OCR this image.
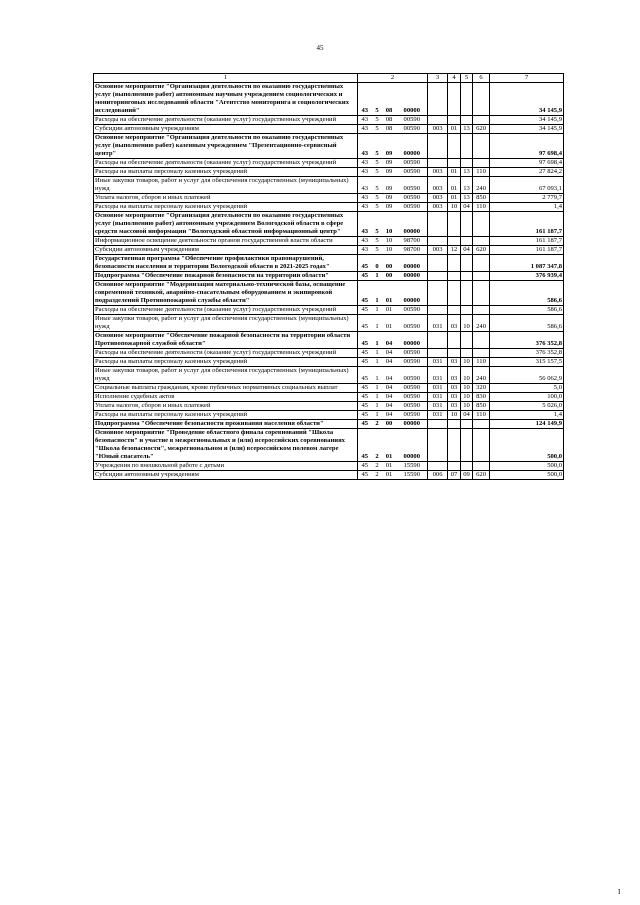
45
1	2				3	4	5	6	7
Основное мероприятие "Организация деятельности по оказанию государственных услуг (выполнению работ) автономным научным учреждением социологических и мониторинговых исследований области "Агентство мониторинга и социологических исследований"	43	5	08	00000					34 145,9
Расходы на обеспечение деятельности (оказание услуг) государственных учреждений	43	5	08	00590					34 145,9
Субсидии автономным учреждениям	43	5	08	00590	003	01	13	620	34 145,9
Основное мероприятие "Организация деятельности по оказанию государственных услуг (выполнению работ) казенным учреждением "Презентационно-сервисный центр"	43	5	09	00000					97 698,4
Расходы на обеспечение деятельности (оказание услуг) государственных учреждений	43	5	09	00590					97 698,4
Расходы на выплаты персоналу казенных учреждений	43	5	09	00590	003	01	13	110	27 824,2
Иные закупки товаров, работ и услуг для обеспечения государственных (муниципальных) нужд	43	5	09	00590	003	01	13	240	67 093,1
Уплата налогов, сборов и иных платежей	43	5	09	00590	003	01	13	850	2 779,7
Расходы на выплаты персоналу казенных учреждений	43	5	09	00590	003	10	04	110	1,4
Основное мероприятие "Организация деятельности по оказанию государственных услуг (выполнению работ) автономным учреждением Вологодской области в сфере средств массовой информации "Вологодский областной информационный центр"	43	5	10	00000					161 187,7
Информационное освещение деятельности органов государственной власти области	43	5	10	98700					161 187,7
Субсидии автономным учреждениям	43	5	10	98700	003	12	04	620	161 187,7
Государственная программа "Обеспечение профилактики правонарушений, безопасности населения и территории Вологодской области в 2021-2025 годах"	45	0	00	00000					1 087 347,8
Подпрограмма "Обеспечение пожарной безопасности на территории области"	45	1	00	00000					376 939,4
Основное мероприятие "Модернизация материально-технической базы, оснащение современной техникой, аварийно-спасательным оборудованием и экипировкой подразделений Противопожарной службы области"	45	1	01	00000					586,6
Расходы на обеспечение деятельности (оказание услуг) государственных учреждений	45	1	01	00590					586,6
Иные закупки товаров, работ и услуг для обеспечения государственных (муниципальных) нужд	45	1	01	00590	031	03	10	240	586,6
Основное мероприятие "Обеспечение пожарной безопасности на территории области Противопожарной службой области"	45	1	04	00000					376 352,8
Расходы на обеспечение деятельности (оказание услуг) государственных учреждений	45	1	04	00590					376 352,8
Расходы на выплаты персоналу казенных учреждений	45	1	04	00590	031	03	10	110	315 157,5
Иные закупки товаров, работ и услуг для обеспечения государственных (муниципальных) нужд	45	1	04	00590	031	03	10	240	56 062,9
Социальные выплаты гражданам, кроме публичных нормативных социальных выплат	45	1	04	00590	031	03	10	320	5,0
Исполнение судебных актов	45	1	04	00590	031	03	10	830	100,0
Уплата налогов, сборов и иных платежей	45	1	04	00590	031	03	10	850	5 026,0
Расходы на выплаты персоналу казенных учреждений	45	1	04	00590	031	10	04	110	1,4
Подпрограмма "Обеспечение безопасности проживания населения области"	45	2	00	00000					124 149,9
Основное мероприятие "Проведение областного финала соревнований "Школа безопасности" и участие в межрегиональных и (или) всероссийских соревнованиях "Школа безопасности", межрегиональном и (или) всероссийском полевом лагере "Юный спасатель"	45	2	01	00000					500,0
Учреждения по внешкольной работе с детьми	45	2	01	15590					500,0
Субсидии автономным учреждениям	45	2	01	15590	006	07	09	620	500,0
I
